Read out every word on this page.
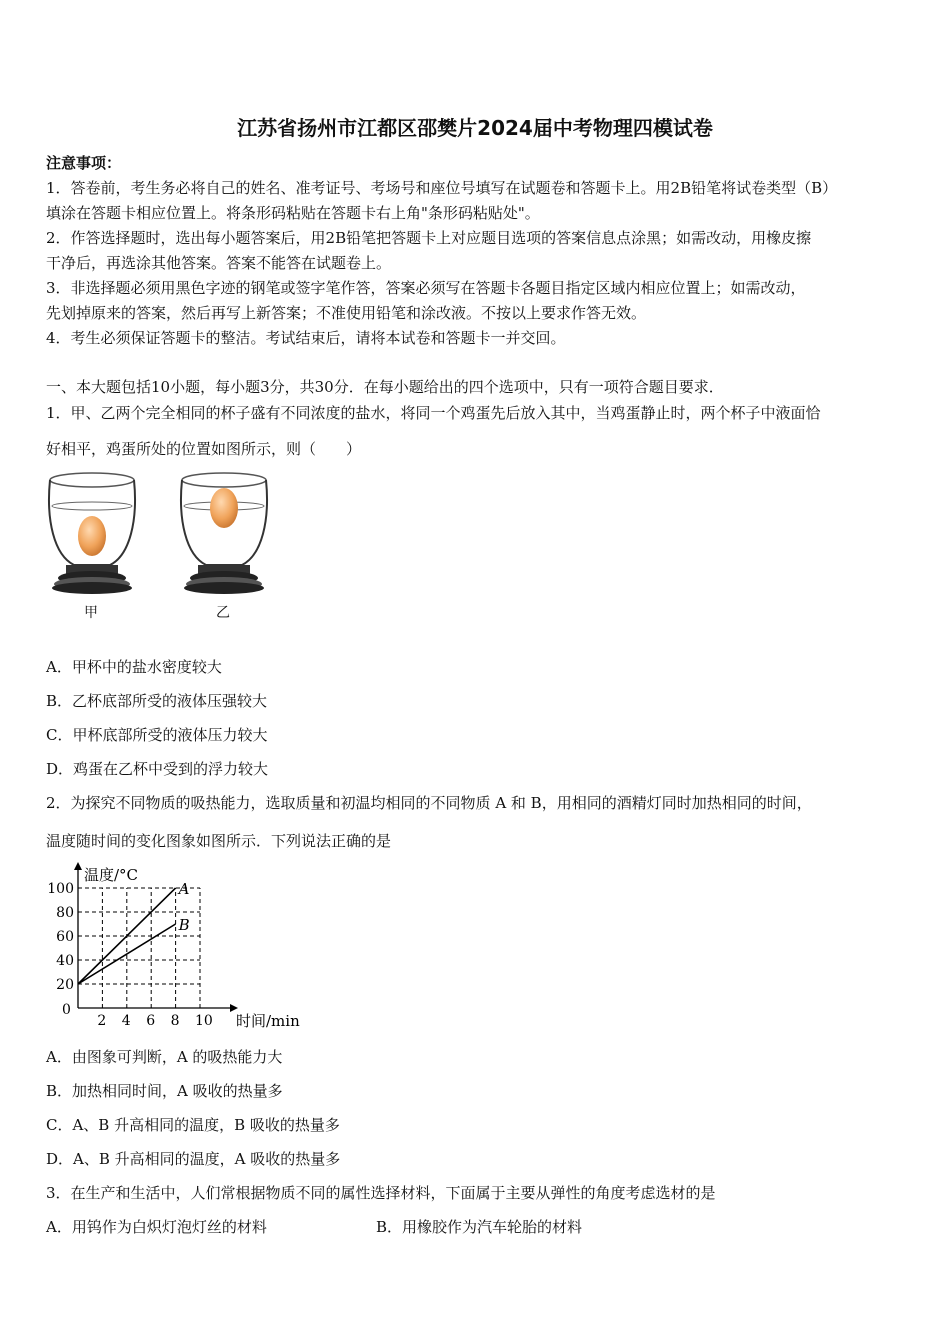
江苏省扬州市江都区邵樊片2024届中考物理四模试卷
注意事项：
1．答卷前，考生务必将自己的姓名、准考证号、考场号和座位号填写在试题卷和答题卡上。用2B铅笔将试卷类型（B）
填涂在答题卡相应位置上。将条形码粘贴在答题卡右上角"条形码粘贴处"。
2．作答选择题时，选出每小题答案后，用2B铅笔把答题卡上对应题目选项的答案信息点涂黑；如需改动，用橡皮擦
干净后，再选涂其他答案。答案不能答在试题卷上。
3．非选择题必须用黑色字迹的钢笔或签字笔作答，答案必须写在答题卡各题目指定区域内相应位置上；如需改动，
先划掉原来的答案，然后再写上新答案；不准使用铅笔和涂改液。不按以上要求作答无效。
4．考生必须保证答题卡的整洁。考试结束后，请将本试卷和答题卡一并交回。
一、本大题包括10小题，每小题3分，共30分．在每小题给出的四个选项中，只有一项符合题目要求．
1．甲、乙两个完全相同的杯子盛有不同浓度的盐水，将同一个鸡蛋先后放入其中，当鸡蛋静止时，两个杯子中液面恰
好相平，鸡蛋所处的位置如图所示，则（　　）
甲	乙
A．甲杯中的盐水密度较大
B．乙杯底部所受的液体压强较大
C．甲杯底部所受的液体压力较大
D．鸡蛋在乙杯中受到的浮力较大
2．为探究不同物质的吸热能力，选取质量和初温均相同的不同物质 A 和 B，用相同的酒精灯同时加热相同的时间，
温度随时间的变化图象如图所示．下列说法正确的是
A
B
2 4 6 8 10
20
40
60
80
100
温度/°C
时间/min
0
A．由图象可判断，A 的吸热能力大
B．加热相同时间，A 吸收的热量多
C．A、B 升高相同的温度，B 吸收的热量多
D．A、B 升高相同的温度，A 吸收的热量多
3．在生产和生活中，人们常根据物质不同的属性选择材料，下面属于主要从弹性的角度考虑选材的是
A．用钨作为白炽灯泡灯丝的材料	B．用橡胶作为汽车轮胎的材料
